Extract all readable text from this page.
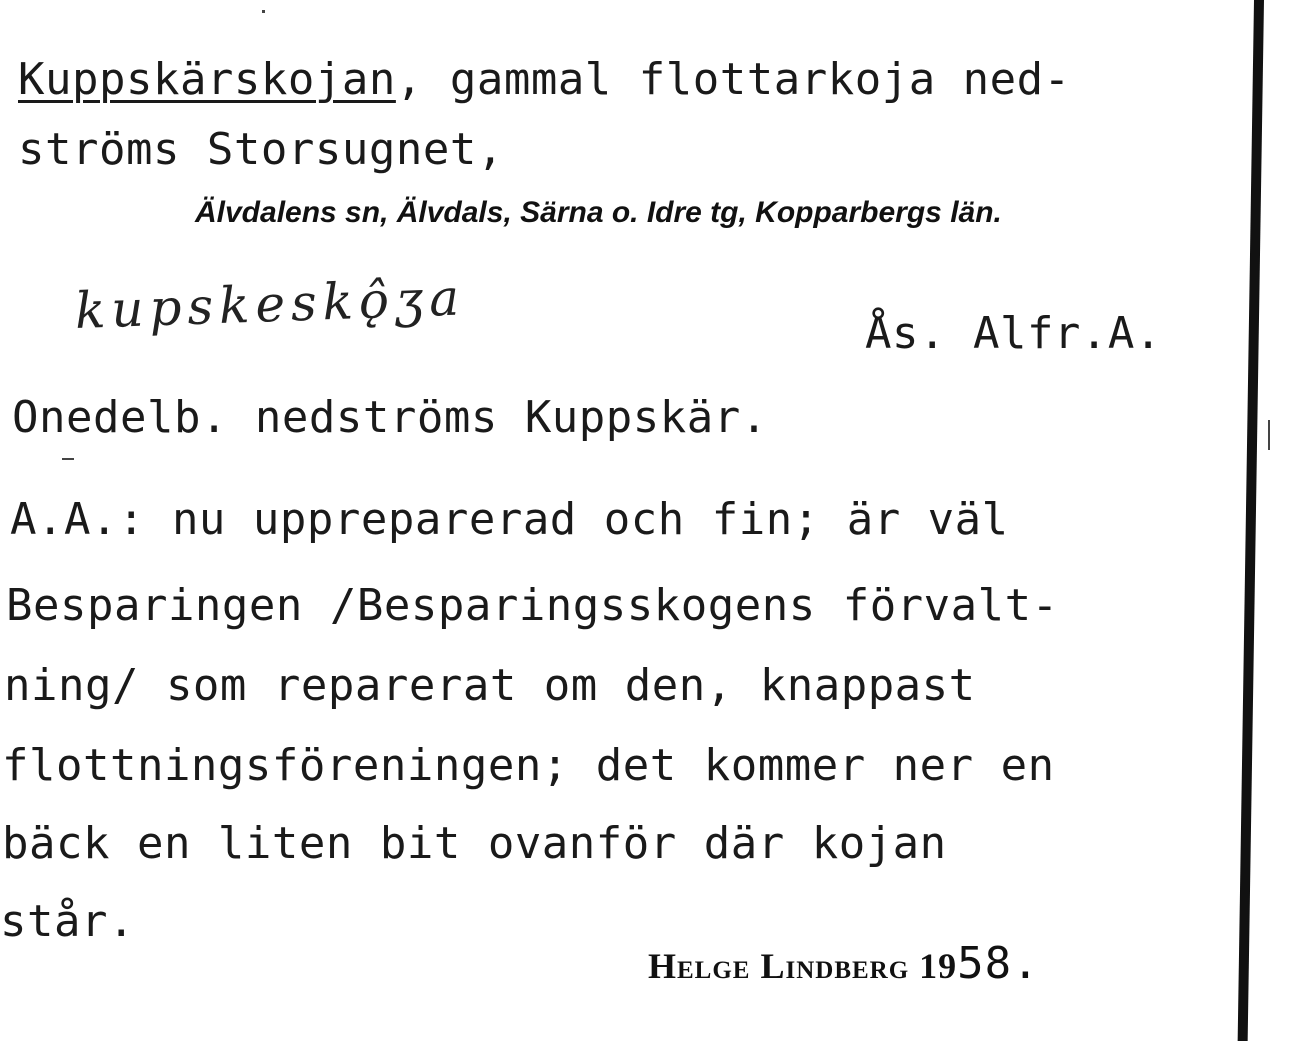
Kuppskärskojan, gammal flottarkoja ned-
ströms Storsugnet,
Älvdalens sn, Älvdals, Särna o. Idre tg, Kopparbergs län.
kupskeskǫ̂ʒa	Ås. Alfr.A.
Onedelb. nedströms Kuppskär.
A.A.: nu uppreparerad och fin; är väl
Besparingen /Besparingsskogens förvalt-
ning/ som reparerat om den, knappast
flottningsföreningen; det kommer ner en
bäck en liten bit ovanför där kojan
står.
Helge Lindberg 1958.
